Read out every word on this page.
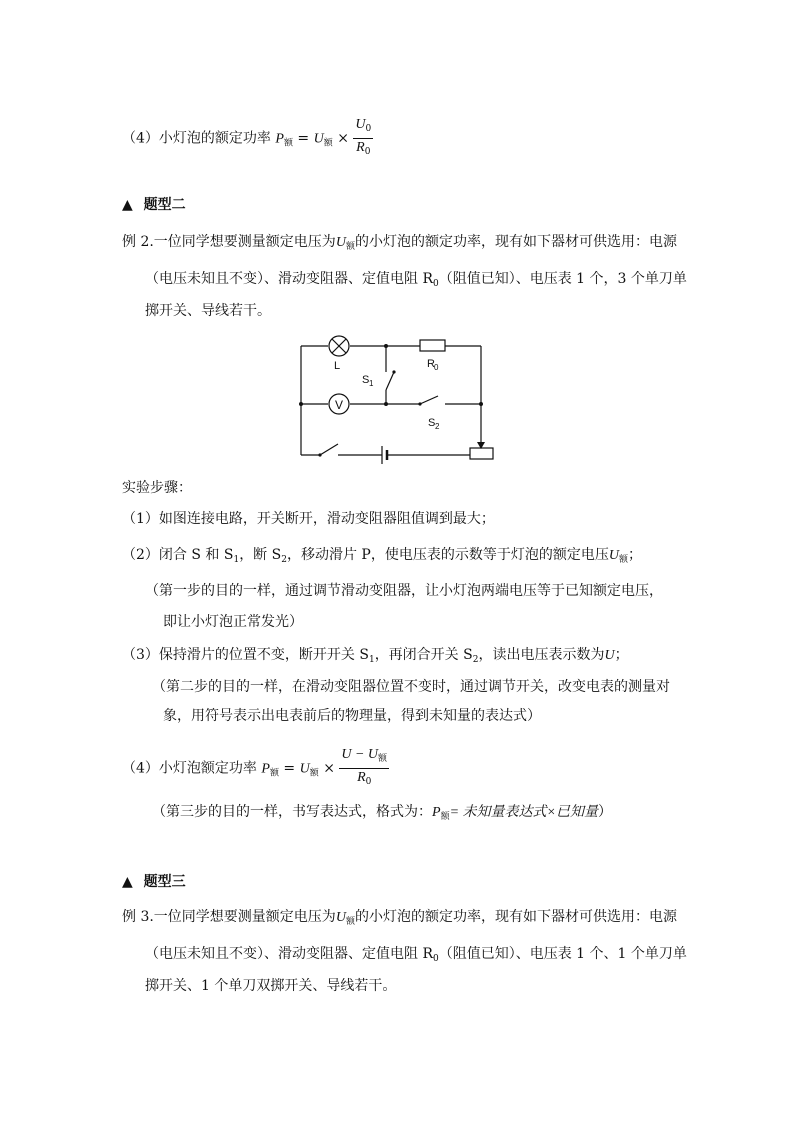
（4）小灯泡的额定功率 $P_额 = U_额 \times \frac{U_0}{R_0}$
▲ 题型二
例 2.一位同学想要测量额定电压为$U_额$的小灯泡的额定功率，现有如下器材可供选用：电源
（电压未知且不变）、滑动变阻器、定值电阻 $R_0$（阻值已知）、电压表 1 个，3 个单刀单
掷开关、导线若干。
L
V
R 0
S 1
S 2
实验步骤：
（1）如图连接电路，开关断开，滑动变阻器阻值调到最大；
（2）闭合 S 和 $S_1$，断 $S_2$，移动滑片 P，使电压表的示数等于灯泡的额定电压$U_额$；
（第一步的目的一样，通过调节滑动变阻器，让小灯泡两端电压等于已知额定电压，
即让小灯泡正常发光）
（3）保持滑片的位置不变，断开开关 $S_1$，再闭合开关 $S_2$，读出电压表示数为U；
（第二步的目的一样，在滑动变阻器位置不变时，通过调节开关，改变电表的测量对
象，用符号表示出电表前后的物理量，得到未知量的表达式）
（4）小灯泡额定功率 $P_额 = U_额 \times \frac{U - U_额}{R_0}$
（第三步的目的一样，书写表达式，格式为：$P_额=$ 未知量表达式×已知量）
▲ 题型三
例 3.一位同学想要测量额定电压为$U_额$的小灯泡的额定功率，现有如下器材可供选用：电源
（电压未知且不变）、滑动变阻器、定值电阻 $R_0$（阻值已知）、电压表 1 个、1 个单刀单
掷开关、1 个单刀双掷开关、导线若干。
